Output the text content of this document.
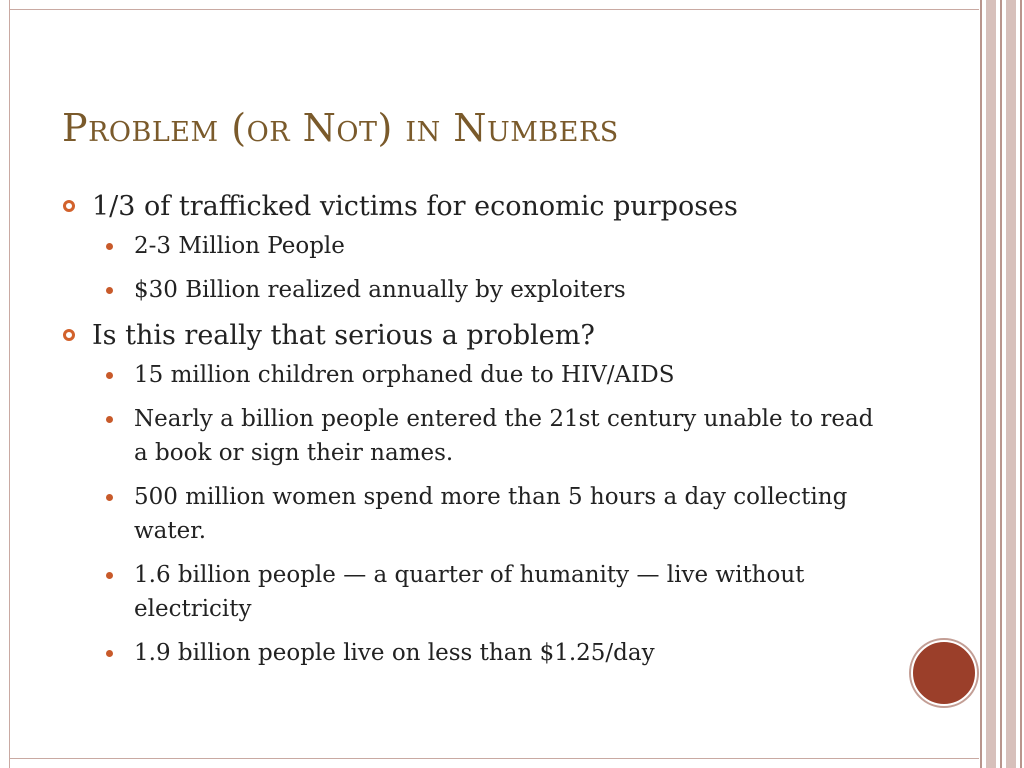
Problem (or Not) in Numbers
1/3 of trafficked victims for economic purposes
2-3 Million People
$30 Billion realized annually by exploiters
Is this really that serious a problem?
15 million children orphaned due to HIV/AIDS
Nearly a billion people entered the 21st century unable to read a book or sign their names.
500 million women spend more than 5 hours a day collecting water.
1.6 billion people — a quarter of humanity — live without electricity
1.9 billion people live on less than $1.25/day
